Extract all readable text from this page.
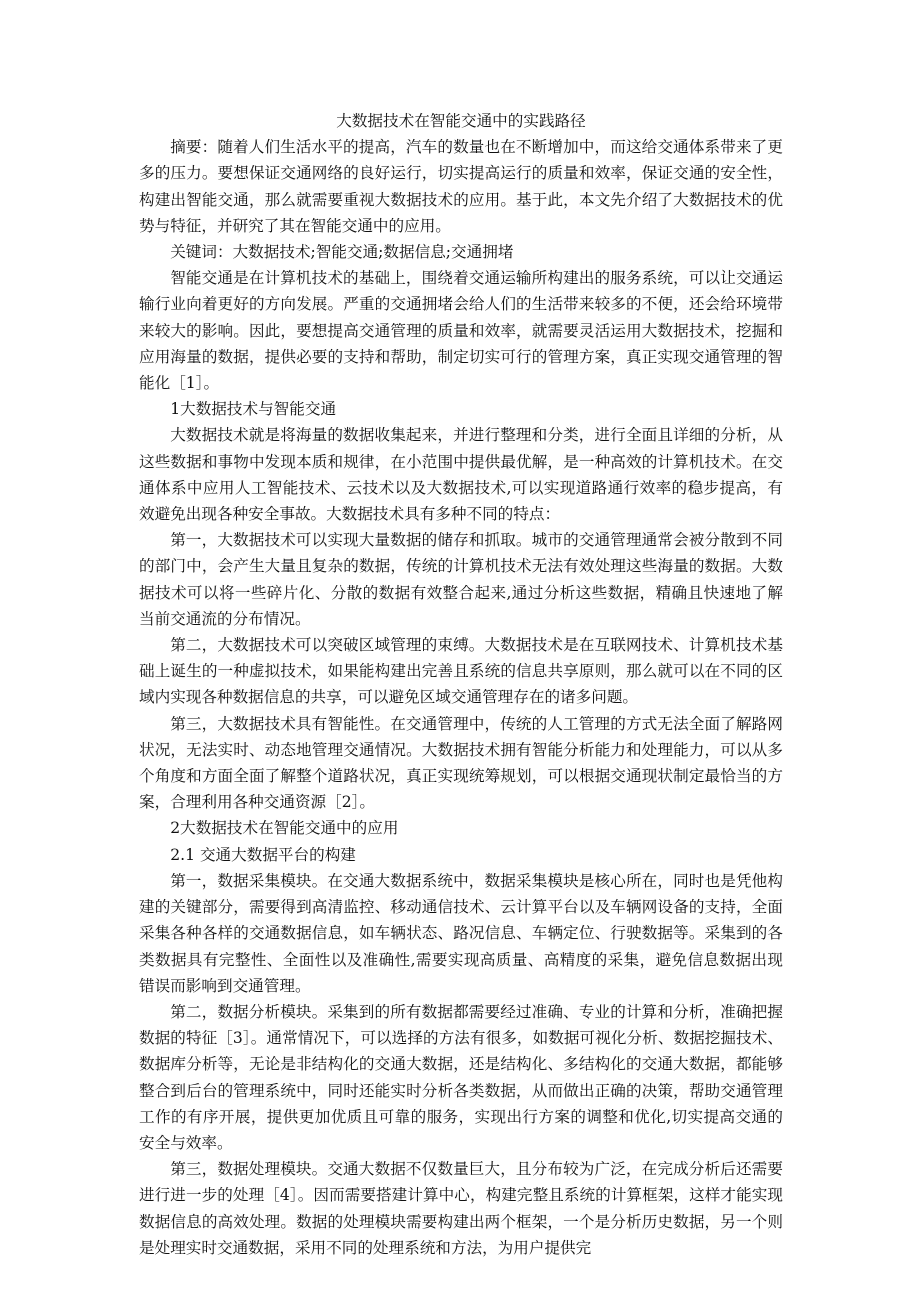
大数据技术在智能交通中的实践路径

摘要：随着人们生活水平的提高，汽车的数量也在不断增加中，而这给交通体系带来了更多的压力。要想保证交通网络的良好运行，切实提高运行的质量和效率，保证交通的安全性，构建出智能交通，那么就需要重视大数据技术的应用。基于此，本文先介绍了大数据技术的优势与特征，并研究了其在智能交通中的应用。

关键词：大数据技术;智能交通;数据信息;交通拥堵

智能交通是在计算机技术的基础上，围绕着交通运输所构建出的服务系统，可以让交通运输行业向着更好的方向发展。严重的交通拥堵会给人们的生活带来较多的不便，还会给环境带来较大的影响。因此，要想提高交通管理的质量和效率，就需要灵活运用大数据技术，挖掘和应用海量的数据，提供必要的支持和帮助，制定切实可行的管理方案，真正实现交通管理的智能化［1］。

1大数据技术与智能交通

大数据技术就是将海量的数据收集起来，并进行整理和分类，进行全面且详细的分析，从这些数据和事物中发现本质和规律，在小范围中提供最优解，是一种高效的计算机技术。在交通体系中应用人工智能技术、云技术以及大数据技术,可以实现道路通行效率的稳步提高，有效避免出现各种安全事故。大数据技术具有多种不同的特点：

第一，大数据技术可以实现大量数据的储存和抓取。城市的交通管理通常会被分散到不同的部门中，会产生大量且复杂的数据，传统的计算机技术无法有效处理这些海量的数据。大数据技术可以将一些碎片化、分散的数据有效整合起来,通过分析这些数据，精确且快速地了解当前交通流的分布情况。

第二，大数据技术可以突破区域管理的束缚。大数据技术是在互联网技术、计算机技术基础上诞生的一种虚拟技术，如果能构建出完善且系统的信息共享原则，那么就可以在不同的区域内实现各种数据信息的共享，可以避免区域交通管理存在的诸多问题。

第三，大数据技术具有智能性。在交通管理中，传统的人工管理的方式无法全面了解路网状况，无法实时、动态地管理交通情况。大数据技术拥有智能分析能力和处理能力，可以从多个角度和方面全面了解整个道路状况，真正实现统筹规划，可以根据交通现状制定最恰当的方案，合理利用各种交通资源［2］。

2大数据技术在智能交通中的应用

2.1 交通大数据平台的构建

第一，数据采集模块。在交通大数据系统中，数据采集模块是核心所在，同时也是凭他构建的关键部分，需要得到高清监控、移动通信技术、云计算平台以及车辆网设备的支持，全面采集各种各样的交通数据信息，如车辆状态、路况信息、车辆定位、行驶数据等。采集到的各类数据具有完整性、全面性以及准确性,需要实现高质量、高精度的采集，避免信息数据出现错误而影响到交通管理。

第二，数据分析模块。采集到的所有数据都需要经过准确、专业的计算和分析，准确把握数据的特征［3］。通常情况下，可以选择的方法有很多，如数据可视化分析、数据挖掘技术、数据库分析等，无论是非结构化的交通大数据，还是结构化、多结构化的交通大数据，都能够整合到后台的管理系统中，同时还能实时分析各类数据，从而做出正确的决策，帮助交通管理工作的有序开展，提供更加优质且可靠的服务，实现出行方案的调整和优化,切实提高交通的安全与效率。

第三，数据处理模块。交通大数据不仅数量巨大，且分布较为广泛，在完成分析后还需要进行进一步的处理［4］。因而需要搭建计算中心，构建完整且系统的计算框架，这样才能实现数据信息的高效处理。数据的处理模块需要构建出两个框架，一个是分析历史数据，另一个则是处理实时交通数据，采用不同的处理系统和方法，为用户提供完
